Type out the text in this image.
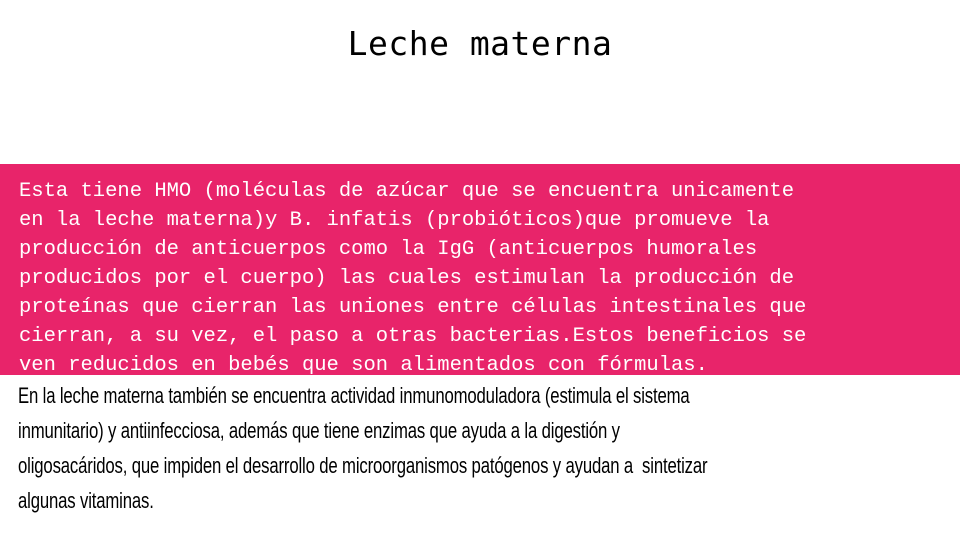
Leche materna
Esta tiene HMO (moléculas de azúcar que se encuentra unicamente
en la leche materna)y B. infatis (probióticos)que promueve la
producción de anticuerpos como la IgG (anticuerpos humorales
producidos por el cuerpo) las cuales estimulan la producción de
proteínas que cierran las uniones entre células intestinales que
cierran, a su vez, el paso a otras bacterias.Estos beneficios se
ven reducidos en bebés que son alimentados con fórmulas.
En la leche materna también se encuentra actividad inmunomoduladora (estimula el sistema
inmunitario) y antiinfecciosa, además que tiene enzimas que ayuda a la digestión y
oligosacáridos, que impiden el desarrollo de microorganismos patógenos y ayudan a  sintetizar
algunas vitaminas.
